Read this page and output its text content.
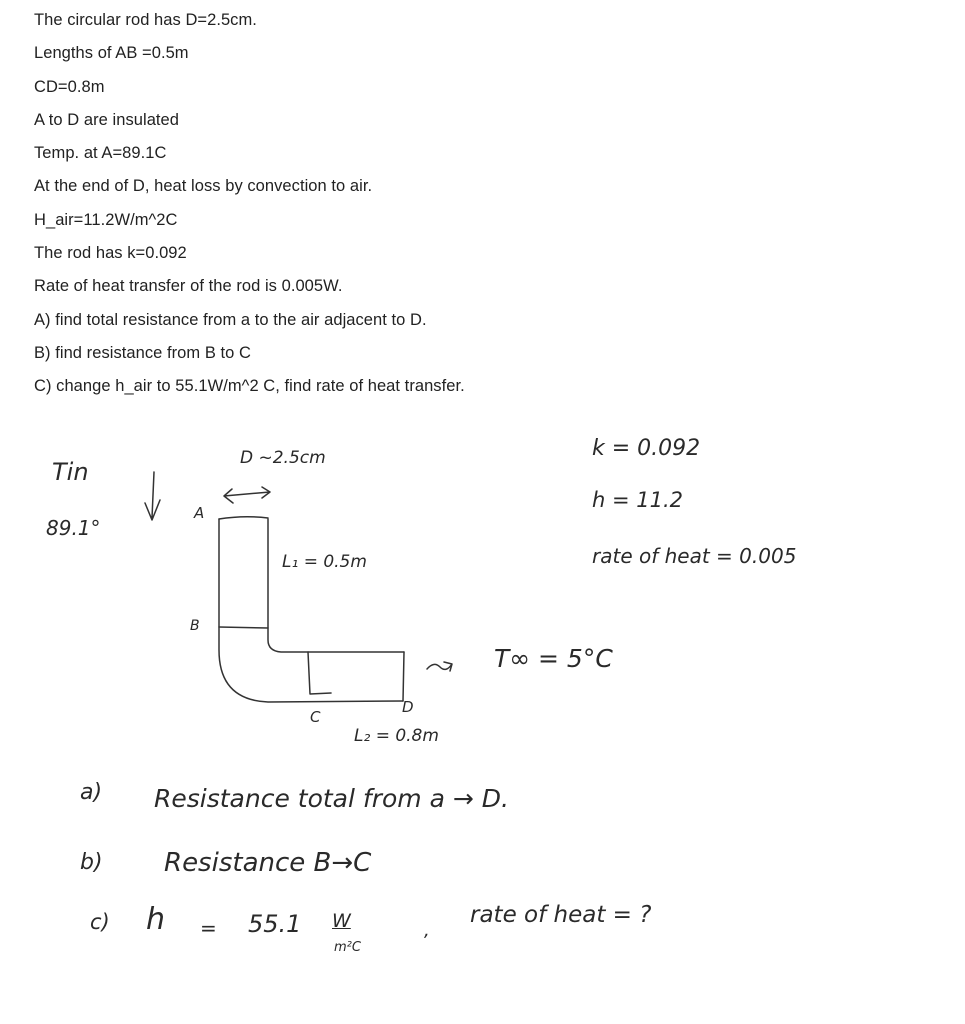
The circular rod has D=2.5cm.
Lengths of AB =0.5m
CD=0.8m
A to D are insulated
Temp. at A=89.1C
At the end of D, heat loss by convection to air.
H_air=11.2W/m^2C
The rod has k=0.092
Rate of heat transfer of the rod is 0.005W.
A) find total resistance from a to the air adjacent to D.
B) find resistance from B to C
C) change h_air to 55.1W/m^2 C, find rate of heat transfer.
Tin
89.1°
D ~2.5cm
A
B
C
D
L₁ = 0.5m
L₂ = 0.8m
T∞ = 5°C
k = 0.092
h = 11.2
rate of heat = 0.005
a) Resistance total from a → D.
b) Resistance B→C
c) h = 55.1 W
m²C
,
rate of heat = ?
